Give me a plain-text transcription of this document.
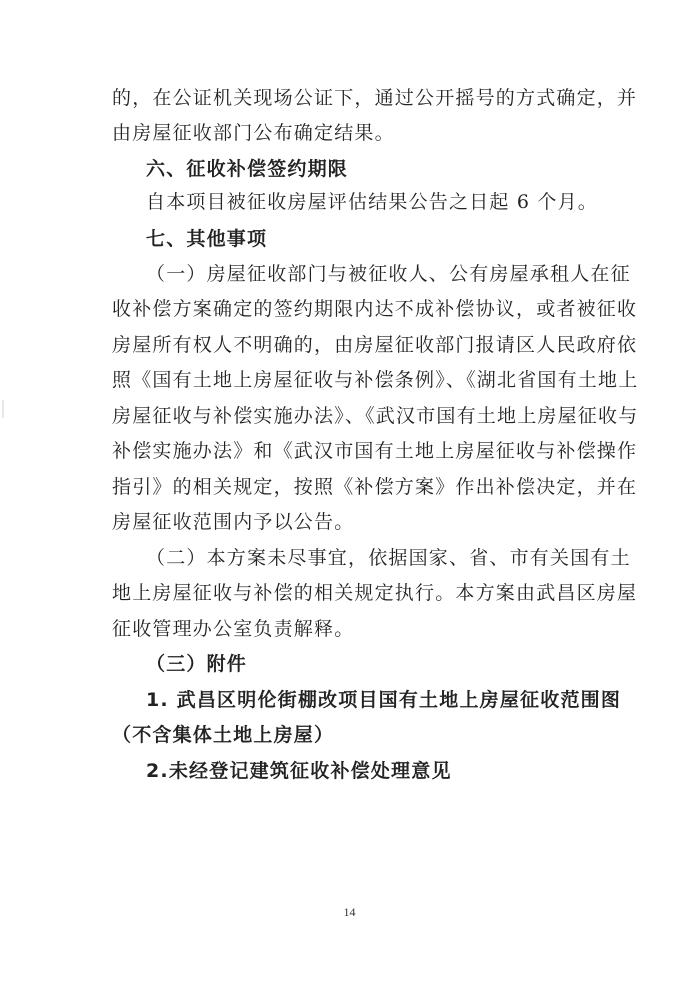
的，在公证机关现场公证下，通过公开摇号的方式确定，并
由房屋征收部门公布确定结果。
六、征收补偿签约期限
自本项目被征收房屋评估结果公告之日起 6 个月。
七、其他事项
（一）房屋征收部门与被征收人、公有房屋承租人在征
收补偿方案确定的签约期限内达不成补偿协议，或者被征收
房屋所有权人不明确的，由房屋征收部门报请区人民政府依
照《国有土地上房屋征收与补偿条例》、《湖北省国有土地上
房屋征收与补偿实施办法》、《武汉市国有土地上房屋征收与
补偿实施办法》和《武汉市国有土地上房屋征收与补偿操作
指引》的相关规定，按照《补偿方案》作出补偿决定，并在
房屋征收范围内予以公告。
（二）本方案未尽事宜，依据国家、省、市有关国有土
地上房屋征收与补偿的相关规定执行。本方案由武昌区房屋
征收管理办公室负责解释。
（三）附件
1. 武昌区明伦街棚改项目国有土地上房屋征收范围图
（不含集体土地上房屋）
2.未经登记建筑征收补偿处理意见
14
